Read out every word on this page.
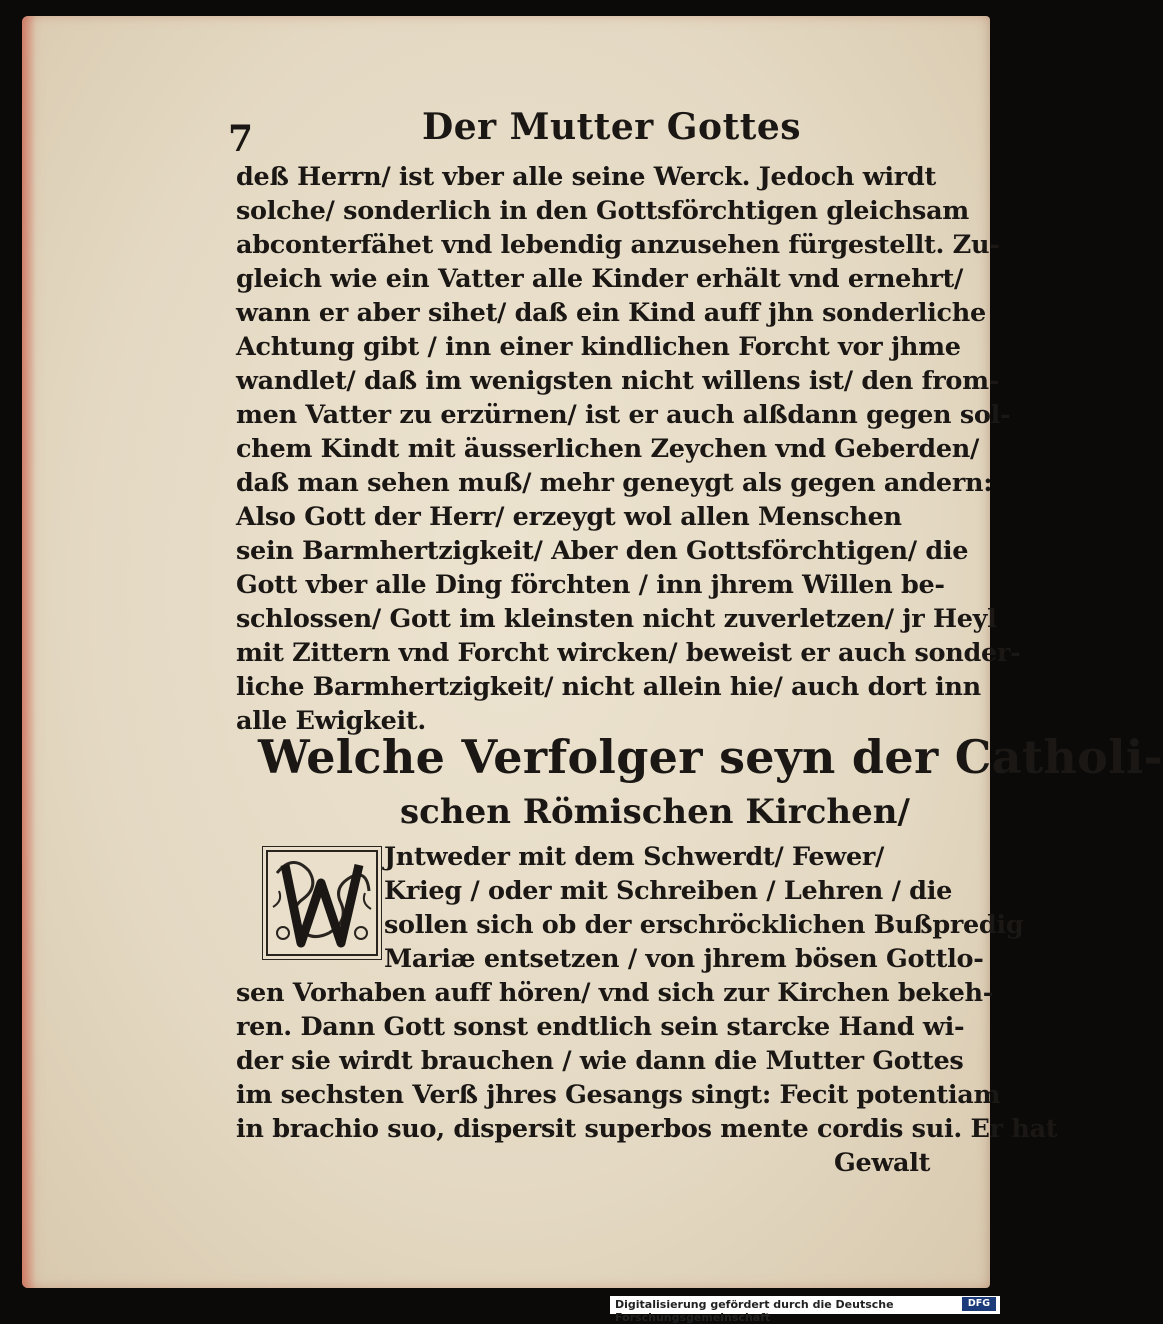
7	Der Mutter Gottes
deß Herrn/ ist vber alle seine Werck. Jedoch wirdt
solche/ sonderlich in den Gottsförchtigen gleichsam
abconterfähet vnd lebendig anzusehen fürgestellt. Zu-
gleich wie ein Vatter alle Kinder erhält vnd ernehrt/
wann er aber sihet/ daß ein Kind auff jhn sonderliche
Achtung gibt / inn einer kindlichen Forcht vor jhme
wandlet/ daß im wenigsten nicht willens ist/ den from-
men Vatter zu erzürnen/ ist er auch alßdann gegen sol-
chem Kindt mit äusserlichen Zeychen vnd Geberden/
daß man sehen muß/ mehr geneygt als gegen andern:
Also Gott der Herr/ erzeygt wol allen Menschen
sein Barmhertzigkeit/ Aber den Gottsförchtigen/ die
Gott vber alle Ding förchten / inn jhrem Willen be-
schlossen/ Gott im kleinsten nicht zuverletzen/ jr Heyl
mit Zittern vnd Forcht wircken/ beweist er auch sonder-
liche Barmhertzigkeit/ nicht allein hie/ auch dort inn
alle Ewigkeit.
Welche Verfolger seyn der Catholi-
schen Römischen Kirchen/
Jntweder mit dem Schwerdt/ Fewer/
Krieg / oder mit Schreiben / Lehren / die
sollen sich ob der erschröcklichen Bußpredig
Mariæ entsetzen / von jhrem bösen Gottlo-
sen Vorhaben auff hören/ vnd sich zur Kirchen bekeh-
ren. Dann Gott sonst endtlich sein starcke Hand wi-
der sie wirdt brauchen / wie dann die Mutter Gottes
im sechsten Verß jhres Gesangs singt: Fecit potentiam
in brachio suo, dispersit superbos mente cordis sui. Er hat
Gewalt
Digitalisierung gefördert durch die Deutsche Forschungsgemeinschaft
DFG
